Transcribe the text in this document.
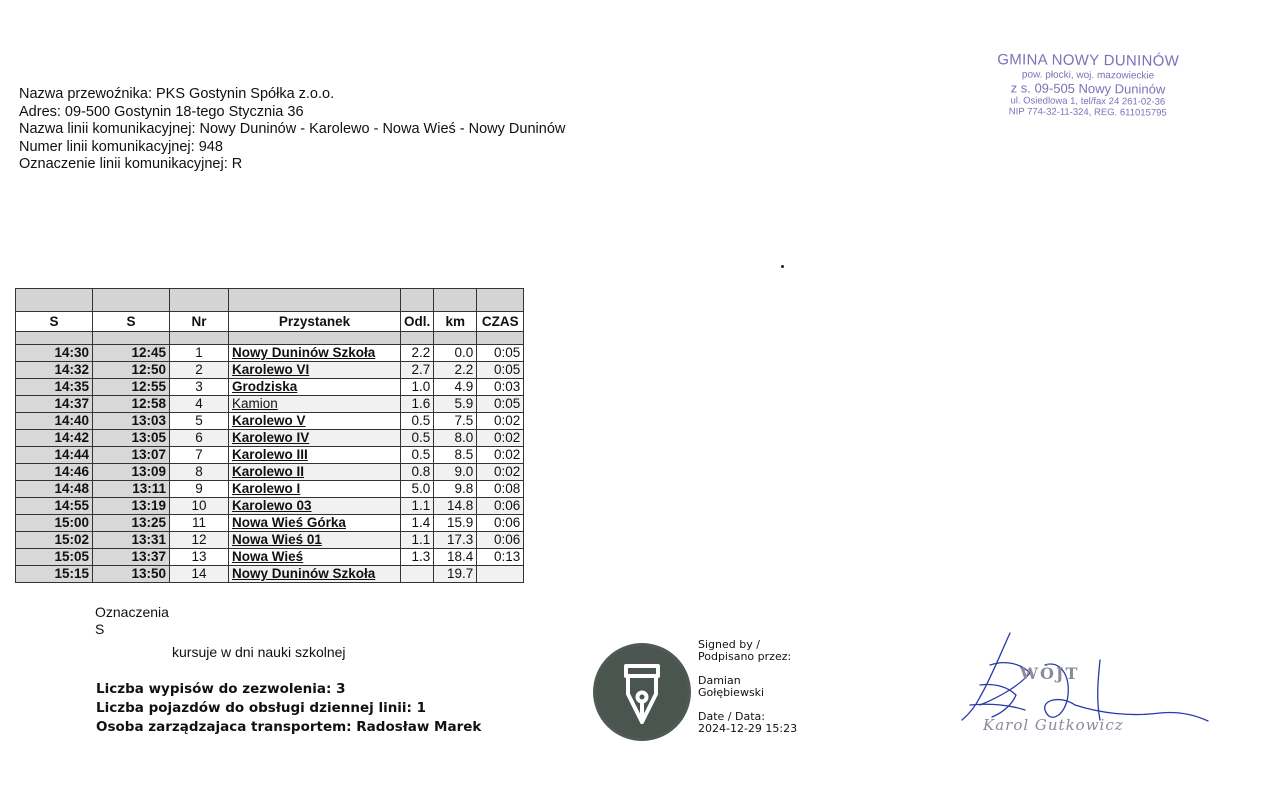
Nazwa przewoźnika: PKS Gostynin Spółka z.o.o.
Adres: 09-500 Gostynin 18-tego Stycznia 36
Nazwa linii komunikacyjnej: Nowy Duninów - Karolewo - Nowa Wieś - Nowy Duninów
Numer linii komunikacyjnej: 948
Oznaczenie linii komunikacyjnej: R
GMINA NOWY DUNINÓW
pow. płocki, woj. mazowieckie
z s. 09-505 Nowy Duninów
ul. Osiedlowa 1, tel/fax 24 261-02-36
NIP 774-32-11-324, REG. 611015795

S	S	Nr	Przystanek	Odl.	km	CZAS

14:30	12:45	1	Nowy Duninów Szkoła	2.2	0.0	0:05
14:32	12:50	2	Karolewo VI	2.7	2.2	0:05
14:35	12:55	3	Grodziska	1.0	4.9	0:03
14:37	12:58	4	Kamion	1.6	5.9	0:05
14:40	13:03	5	Karolewo V	0.5	7.5	0:02
14:42	13:05	6	Karolewo IV	0.5	8.0	0:02
14:44	13:07	7	Karolewo III	0.5	8.5	0:02
14:46	13:09	8	Karolewo II	0.8	9.0	0:02
14:48	13:11	9	Karolewo I	5.0	9.8	0:08
14:55	13:19	10	Karolewo 03	1.1	14.8	0:06
15:00	13:25	11	Nowa Wieś Górka	1.4	15.9	0:06
15:02	13:31	12	Nowa Wieś 01	1.1	17.3	0:06
15:05	13:37	13	Nowa Wieś	1.3	18.4	0:13
15:15	13:50	14	Nowy Duninów Szkoła		19.7	
Oznaczenia
S
kursuje w dni nauki szkolnej
Liczba wypisów do zezwolenia: 3
Liczba pojazdów do obsługi dziennej linii: 1
Osoba zarządzajaca transportem: Radosław Marek
Signed by /
Podpisano przez:
Damian
Gołębiewski
Date / Data:
2024-12-29 15:23
WÓJT
Karol Gutkowicz
